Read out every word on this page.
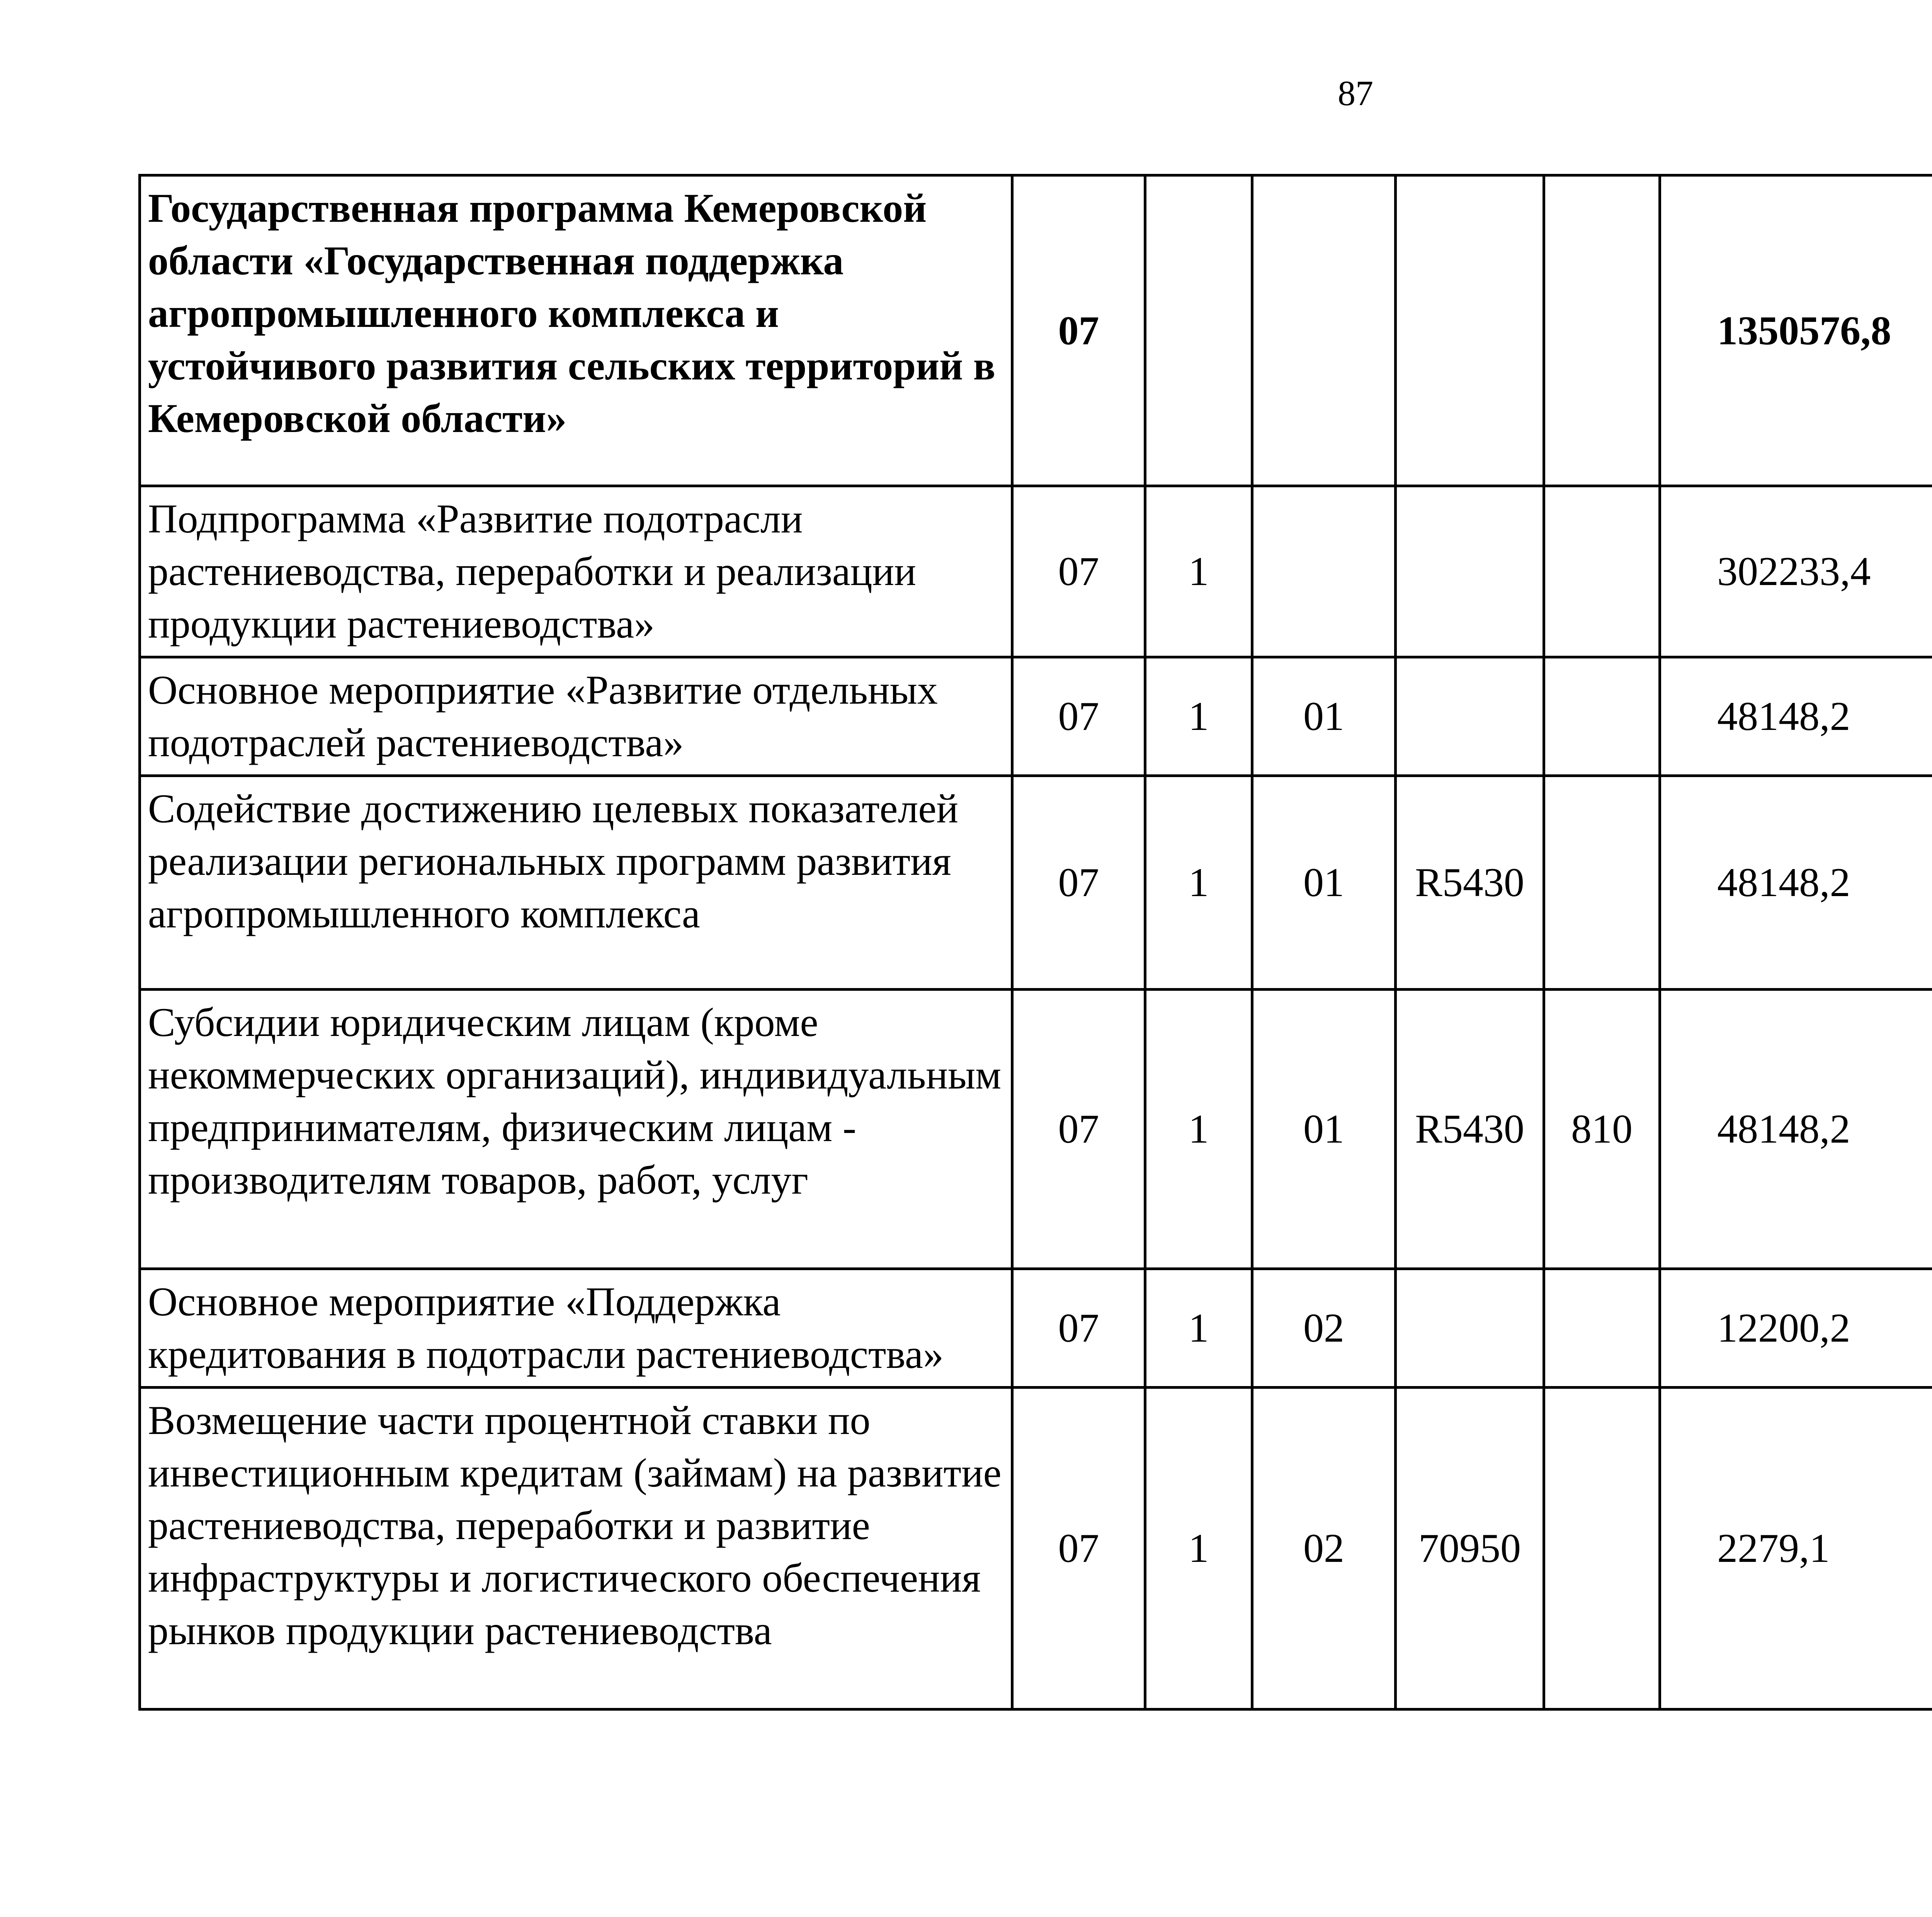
87
Государственная программа Кемеровской области «Государственная поддержка агропромышленного комплекса и устойчивого развития сельских территорий в Кемеровской области»	07					1350576,8		
Подпрограмма «Развитие подотрасли растениеводства, переработки и реализации продукции растениеводства»	07	1				302233,4		
Основное мероприятие «Развитие отдельных подотраслей растениеводства»	07	1	01			48148,2		
Содействие достижению целевых показателей реализации региональных программ развития агропромышленного комплекса	07	1	01	R5430		48148,2		
Субсидии юридическим лицам (кроме некоммерческих организаций), индивидуальным предпринимателям, физическим лицам - производителям товаров, работ, услуг	07	1	01	R5430	810	48148,2		
Основное мероприятие «Поддержка кредитования в подотрасли растениеводства»	07	1	02			12200,2		
Возмещение части процентной ставки по инвестиционным кредитам (займам) на развитие растениеводства, переработки и развитие инфраструктуры и логистического обеспечения рынков продукции растениеводства	07	1	02	70950		2279,1		
